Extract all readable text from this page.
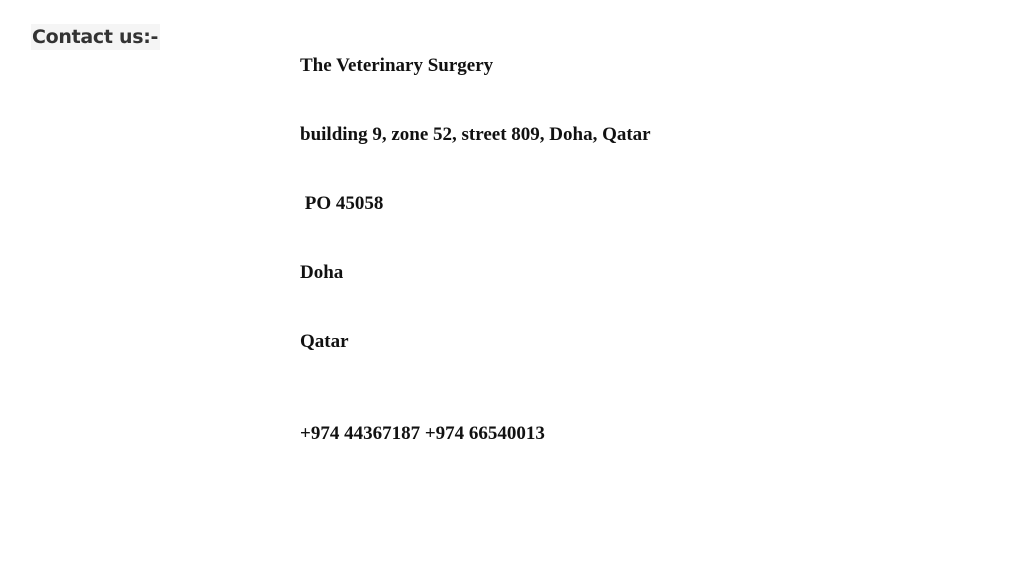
Contact us:-
The Veterinary Surgery
building 9, zone 52, street 809, Doha, Qatar
PO 45058
Doha
Qatar
+974 44367187 +974 66540013
